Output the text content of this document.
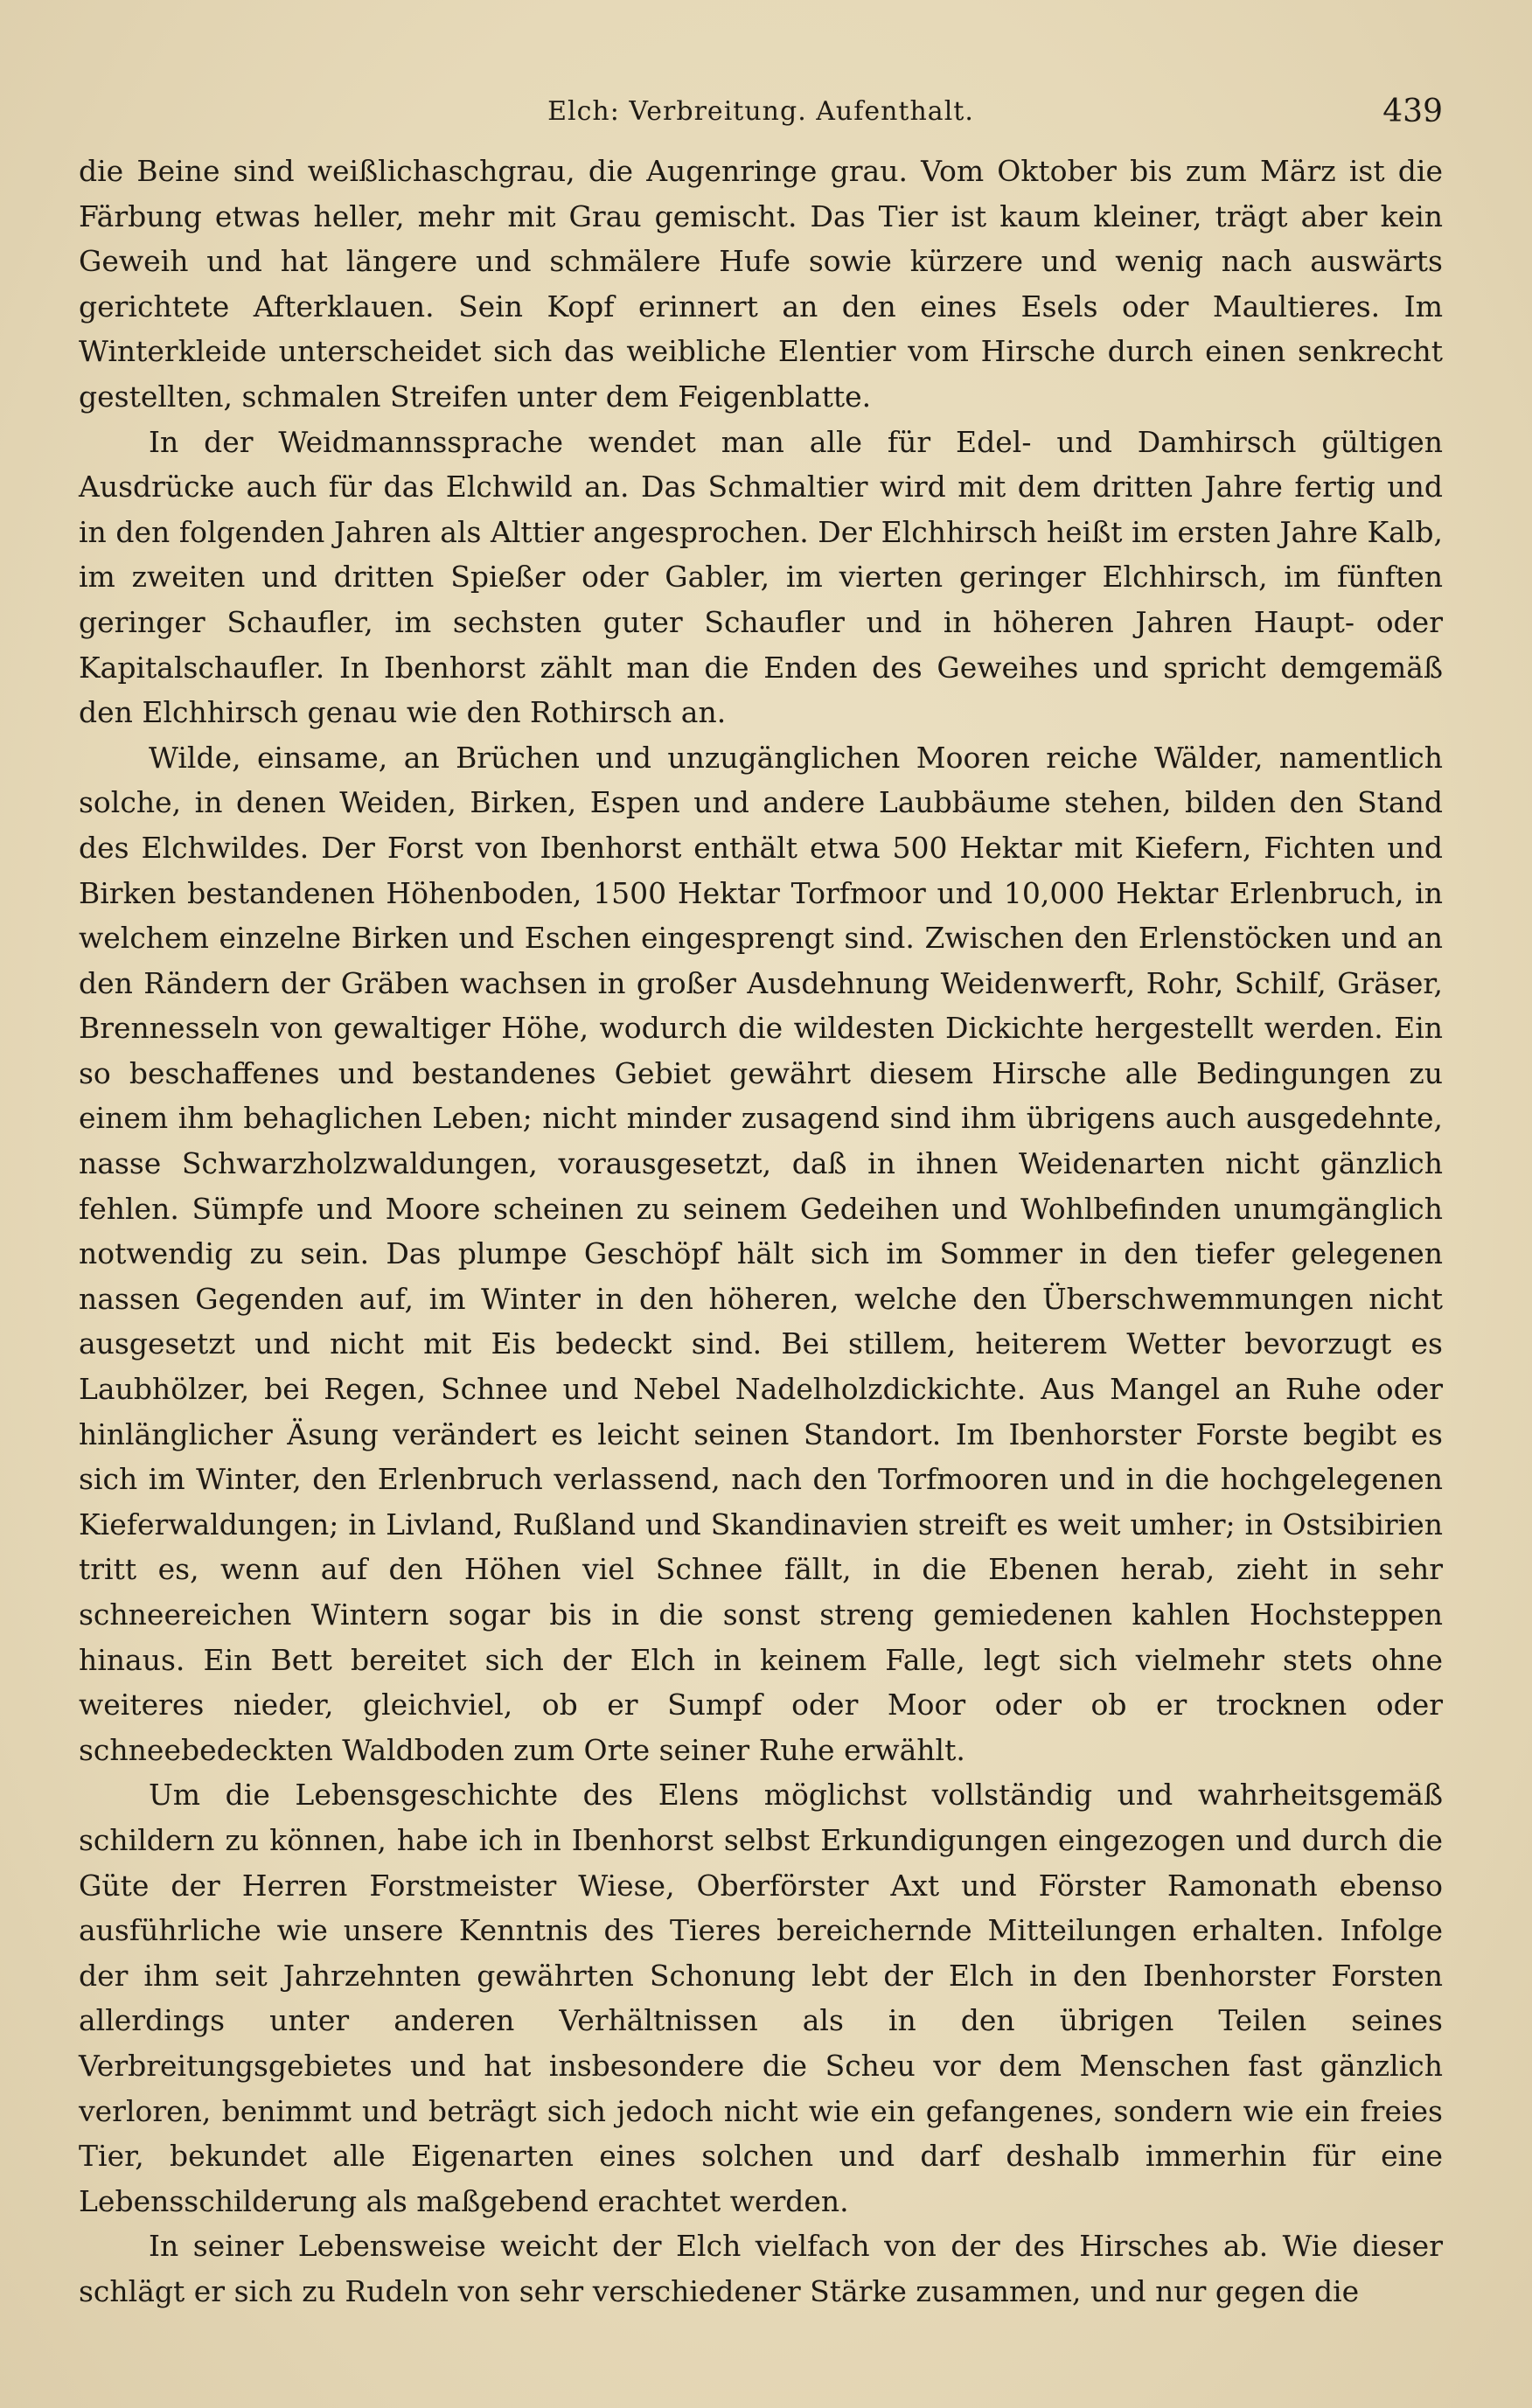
Elch: Verbreitung. Aufenthalt.	439

die Beine sind weißlichaschgrau, die Augenringe grau. Vom Oktober bis zum März ist die Färbung etwas heller, mehr mit Grau gemischt. Das Tier ist kaum kleiner, trägt aber kein Geweih und hat längere und schmälere Hufe sowie kürzere und wenig nach auswärts gerichtete Afterklauen. Sein Kopf erinnert an den eines Esels oder Maultieres. Im Winterkleide unterscheidet sich das weibliche Elentier vom Hirsche durch einen senkrecht gestellten, schmalen Streifen unter dem Feigenblatte.

In der Weidmannssprache wendet man alle für Edel- und Damhirsch gültigen Ausdrücke auch für das Elchwild an. Das Schmaltier wird mit dem dritten Jahre fertig und in den folgenden Jahren als Alttier angesprochen. Der Elchhirsch heißt im ersten Jahre Kalb, im zweiten und dritten Spießer oder Gabler, im vierten geringer Elchhirsch, im fünften geringer Schaufler, im sechsten guter Schaufler und in höheren Jahren Haupt- oder Kapitalschaufler. In Ibenhorst zählt man die Enden des Geweihes und spricht demgemäß den Elchhirsch genau wie den Rothirsch an.

Wilde, einsame, an Brüchen und unzugänglichen Mooren reiche Wälder, namentlich solche, in denen Weiden, Birken, Espen und andere Laubbäume stehen, bilden den Stand des Elchwildes. Der Forst von Ibenhorst enthält etwa 500 Hektar mit Kiefern, Fichten und Birken bestandenen Höhenboden, 1500 Hektar Torfmoor und 10,000 Hektar Erlenbruch, in welchem einzelne Birken und Eschen eingesprengt sind. Zwischen den Erlenstöcken und an den Rändern der Gräben wachsen in großer Ausdehnung Weidenwerft, Rohr, Schilf, Gräser, Brennesseln von gewaltiger Höhe, wodurch die wildesten Dickichte hergestellt werden. Ein so beschaffenes und bestandenes Gebiet gewährt diesem Hirsche alle Bedingungen zu einem ihm behaglichen Leben; nicht minder zusagend sind ihm übrigens auch ausgedehnte, nasse Schwarzholzwaldungen, vorausgesetzt, daß in ihnen Weidenarten nicht gänzlich fehlen. Sümpfe und Moore scheinen zu seinem Gedeihen und Wohlbefinden unumgänglich notwendig zu sein. Das plumpe Geschöpf hält sich im Sommer in den tiefer gelegenen nassen Gegenden auf, im Winter in den höheren, welche den Überschwemmungen nicht ausgesetzt und nicht mit Eis bedeckt sind. Bei stillem, heiterem Wetter bevorzugt es Laubhölzer, bei Regen, Schnee und Nebel Nadelholzdickichte. Aus Mangel an Ruhe oder hinlänglicher Äsung verändert es leicht seinen Standort. Im Ibenhorster Forste begibt es sich im Winter, den Erlenbruch verlassend, nach den Torfmooren und in die hochgelegenen Kieferwaldungen; in Livland, Rußland und Skandinavien streift es weit umher; in Ostsibirien tritt es, wenn auf den Höhen viel Schnee fällt, in die Ebenen herab, zieht in sehr schneereichen Wintern sogar bis in die sonst streng gemiedenen kahlen Hochsteppen hinaus. Ein Bett bereitet sich der Elch in keinem Falle, legt sich vielmehr stets ohne weiteres nieder, gleichviel, ob er Sumpf oder Moor oder ob er trocknen oder schneebedeckten Waldboden zum Orte seiner Ruhe erwählt.

Um die Lebensgeschichte des Elens möglichst vollständig und wahrheitsgemäß schildern zu können, habe ich in Ibenhorst selbst Erkundigungen eingezogen und durch die Güte der Herren Forstmeister Wiese, Oberförster Axt und Förster Ramonath ebenso ausführliche wie unsere Kenntnis des Tieres bereichernde Mitteilungen erhalten. Infolge der ihm seit Jahrzehnten gewährten Schonung lebt der Elch in den Ibenhorster Forsten allerdings unter anderen Verhältnissen als in den übrigen Teilen seines Verbreitungsgebietes und hat insbesondere die Scheu vor dem Menschen fast gänzlich verloren, benimmt und beträgt sich jedoch nicht wie ein gefangenes, sondern wie ein freies Tier, bekundet alle Eigenarten eines solchen und darf deshalb immerhin für eine Lebensschilderung als maßgebend erachtet werden.

In seiner Lebensweise weicht der Elch vielfach von der des Hirsches ab. Wie dieser schlägt er sich zu Rudeln von sehr verschiedener Stärke zusammen, und nur gegen die
